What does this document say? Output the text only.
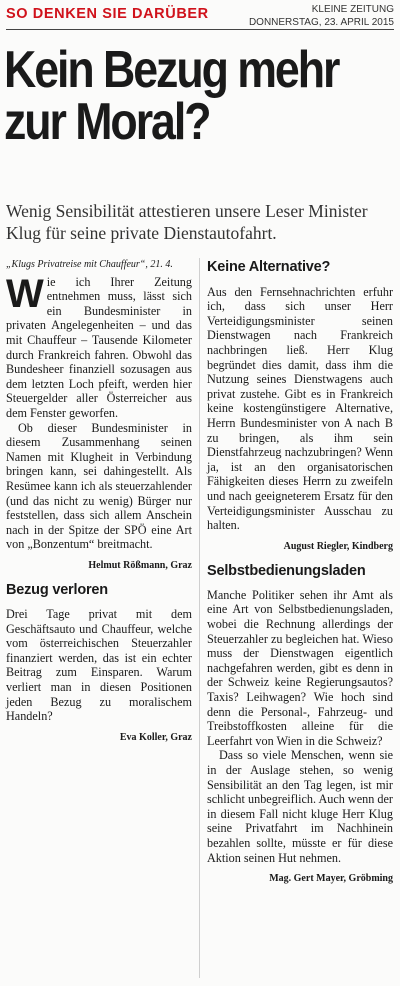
SO DENKEN SIE DARÜBER	KLEINE ZEITUNG
DONNERSTAG, 23. APRIL 2015
Kein Bezug mehr
zur Moral?

Wenig Sensibilität attestieren unsere Leser Minister Klug für seine private Dienstautofahrt.

„Klugs Privatreise mit Chauffeur“, 21. 4.

Wie ich Ihrer Zeitung entnehmen muss, lässt sich ein Bundesminister in privaten Angelegenheiten – und das mit Chauffeur – Tausende Kilometer durch Frankreich fahren. Obwohl das Bundesheer finanziell sozusagen aus dem letzten Loch pfeift, werden hier Steuergelder aller Österreicher aus dem Fenster geworfen.

Ob dieser Bundesminister in diesem Zusammenhang seinen Namen mit Klugheit in Verbindung bringen kann, sei dahingestellt. Als Resümee kann ich als steuerzahlender (und das nicht zu wenig) Bürger nur feststellen, dass sich allem Anschein nach in der Spitze der SPÖ eine Art von „Bonzentum“ breitmacht.

Helmut Rößmann, Graz
Bezug verloren

Drei Tage privat mit dem Geschäftsauto und Chauffeur, welche vom österreichischen Steuerzahler finanziert werden, das ist ein echter Beitrag zum Einsparen. Warum verliert man in diesen Positionen jeden Bezug zu moralischem Handeln?

Eva Koller, Graz
Keine Alternative?

Aus den Fernsehnachrichten erfuhr ich, dass sich unser Herr Verteidigungsminister seinen Dienstwagen nach Frankreich nachbringen ließ. Herr Klug begründet dies damit, dass ihm die Nutzung seines Dienstwagens auch privat zustehe. Gibt es in Frankreich keine kostengünstigere Alternative, Herrn Bundesminister von A nach B zu bringen, als ihm sein Dienstfahrzeug nachzubringen? Wenn ja, ist an den organisatorischen Fähigkeiten dieses Herrn zu zweifeln und nach geeigneterem Ersatz für den Verteidigungsminister Ausschau zu halten.

August Riegler, Kindberg
Selbstbedienungsladen

Manche Politiker sehen ihr Amt als eine Art von Selbstbedienungsladen, wobei die Rechnung allerdings der Steuerzahler zu begleichen hat. Wieso muss der Dienstwagen eigentlich nachgefahren werden, gibt es denn in der Schweiz keine Regierungsautos? Taxis? Leihwagen? Wie hoch sind denn die Personal-, Fahrzeug- und Treibstoffkosten alleine für die Leerfahrt von Wien in die Schweiz?

Dass so viele Menschen, wenn sie in der Auslage stehen, so wenig Sensibilität an den Tag legen, ist mir schlicht unbegreiflich. Auch wenn der in diesem Fall nicht kluge Herr Klug seine Privatfahrt im Nachhinein bezahlen sollte, müsste er für diese Aktion seinen Hut nehmen.

Mag. Gert Mayer, Gröbming
